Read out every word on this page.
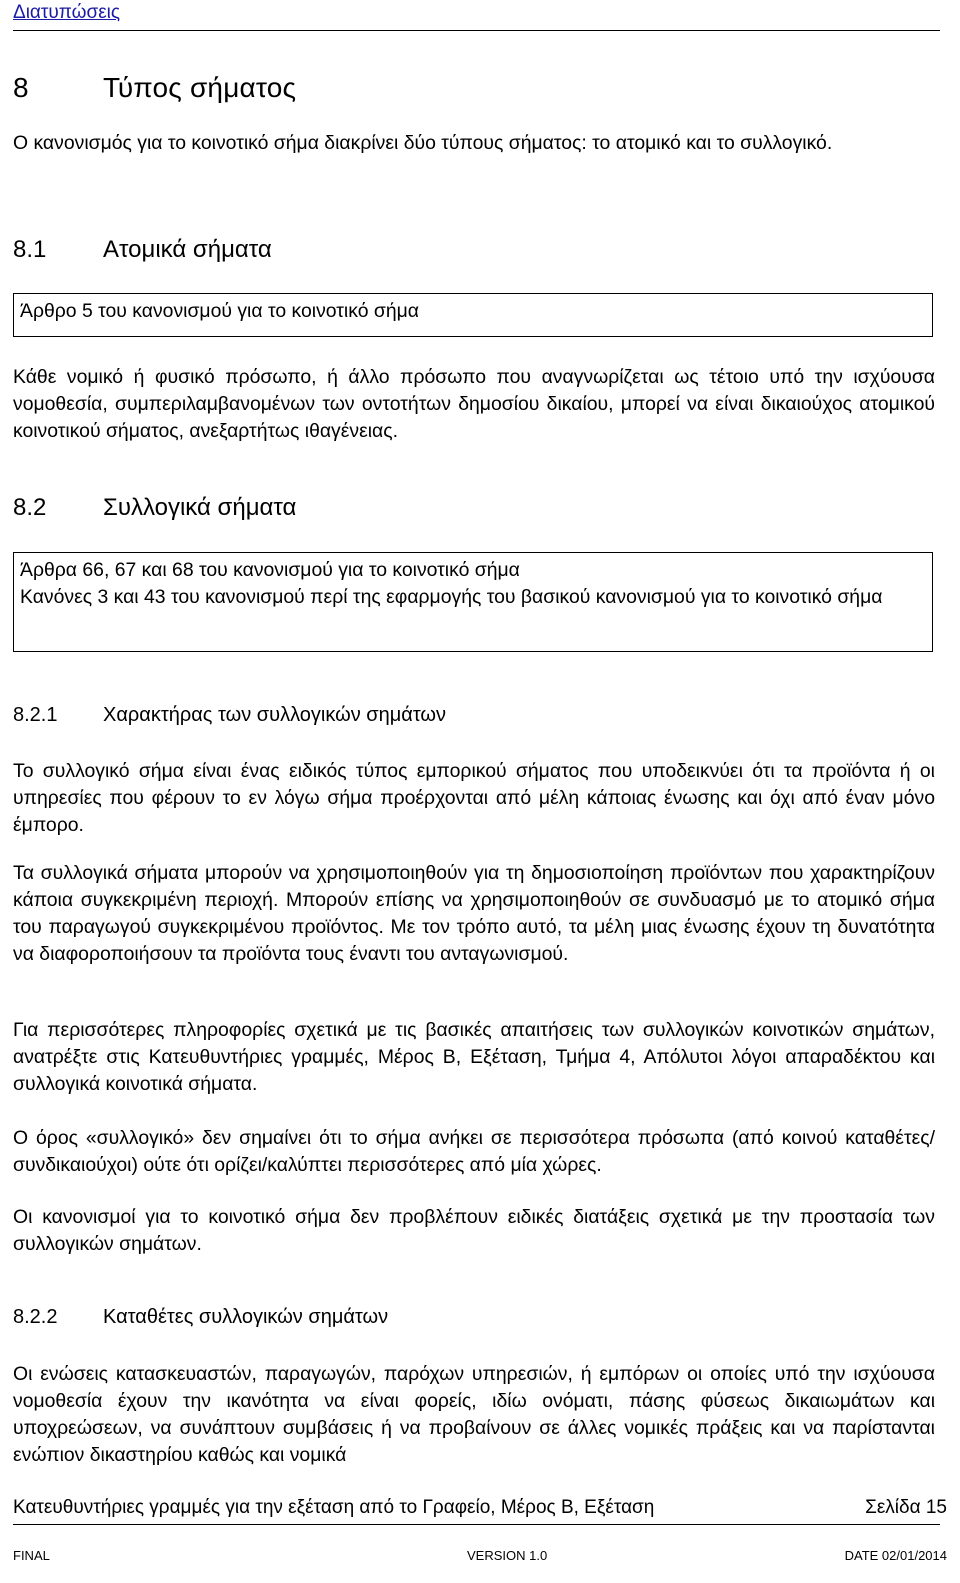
Διατυπώσεις
8	Τύπος σήματος
Ο κανονισμός για το κοινοτικό σήμα διακρίνει δύο τύπους σήματος: το ατομικό και το συλλογικό.
8.1 Ατομικά σήματα
Άρθρο 5 του κανονισμού για το κοινοτικό σήμα
Κάθε νομικό ή φυσικό πρόσωπο, ή άλλο πρόσωπο που αναγνωρίζεται ως τέτοιο υπό την ισχύουσα νομοθεσία, συμπεριλαμβανομένων των οντοτήτων δημοσίου δικαίου, μπορεί να είναι δικαιούχος ατομικού κοινοτικού σήματος, ανεξαρτήτως ιθαγένειας.
8.2 Συλλογικά σήματα
Άρθρα 66, 67 και 68 του κανονισμού για το κοινοτικό σήμα
Κανόνες 3 και 43 του κανονισμού περί της εφαρμογής του βασικού κανονισμού για το κοινοτικό σήμα
8.2.1 Χαρακτήρας των συλλογικών σημάτων
Το συλλογικό σήμα είναι ένας ειδικός τύπος εμπορικού σήματος που υποδεικνύει ότι τα προϊόντα ή οι υπηρεσίες που φέρουν το εν λόγω σήμα προέρχονται από μέλη κάποιας ένωσης και όχι από έναν μόνο έμπορο.
Τα συλλογικά σήματα μπορούν να χρησιμοποιηθούν για τη δημοσιοποίηση προϊόντων που χαρακτηρίζουν κάποια συγκεκριμένη περιοχή. Μπορούν επίσης να χρησιμοποιηθούν σε συνδυασμό με το ατομικό σήμα του παραγωγού συγκεκριμένου προϊόντος. Με τον τρόπο αυτό, τα μέλη μιας ένωσης έχουν τη δυνατότητα να διαφοροποιήσουν τα προϊόντα τους έναντι του ανταγωνισμού.
Για περισσότερες πληροφορίες σχετικά με τις βασικές απαιτήσεις των συλλογικών κοινοτικών σημάτων, ανατρέξτε στις Κατευθυντήριες γραμμές, Μέρος Β, Εξέταση, Τμήμα 4, Απόλυτοι λόγοι απαραδέκτου και συλλογικά κοινοτικά σήματα.
Ο όρος «συλλογικό» δεν σημαίνει ότι το σήμα ανήκει σε περισσότερα πρόσωπα (από κοινού καταθέτες/συνδικαιούχοι) ούτε ότι ορίζει/καλύπτει περισσότερες από μία χώρες.
Οι κανονισμοί για το κοινοτικό σήμα δεν προβλέπουν ειδικές διατάξεις σχετικά με την προστασία των συλλογικών σημάτων.
8.2.2 Καταθέτες συλλογικών σημάτων
Οι ενώσεις κατασκευαστών, παραγωγών, παρόχων υπηρεσιών, ή εμπόρων οι οποίες υπό την ισχύουσα νομοθεσία έχουν την ικανότητα να είναι φορείς, ιδίω ονόματι, πάσης φύσεως δικαιωμάτων και υποχρεώσεων, να συνάπτουν συμβάσεις ή να προβαίνουν σε άλλες νομικές πράξεις και να παρίστανται ενώπιον δικαστηρίου καθώς και νομικά
Κατευθυντήριες γραμμές για την εξέταση από το Γραφείο, Μέρος Β, Εξέταση	Σελίδα 15
FINAL	VERSION 1.0	DATE 02/01/2014
